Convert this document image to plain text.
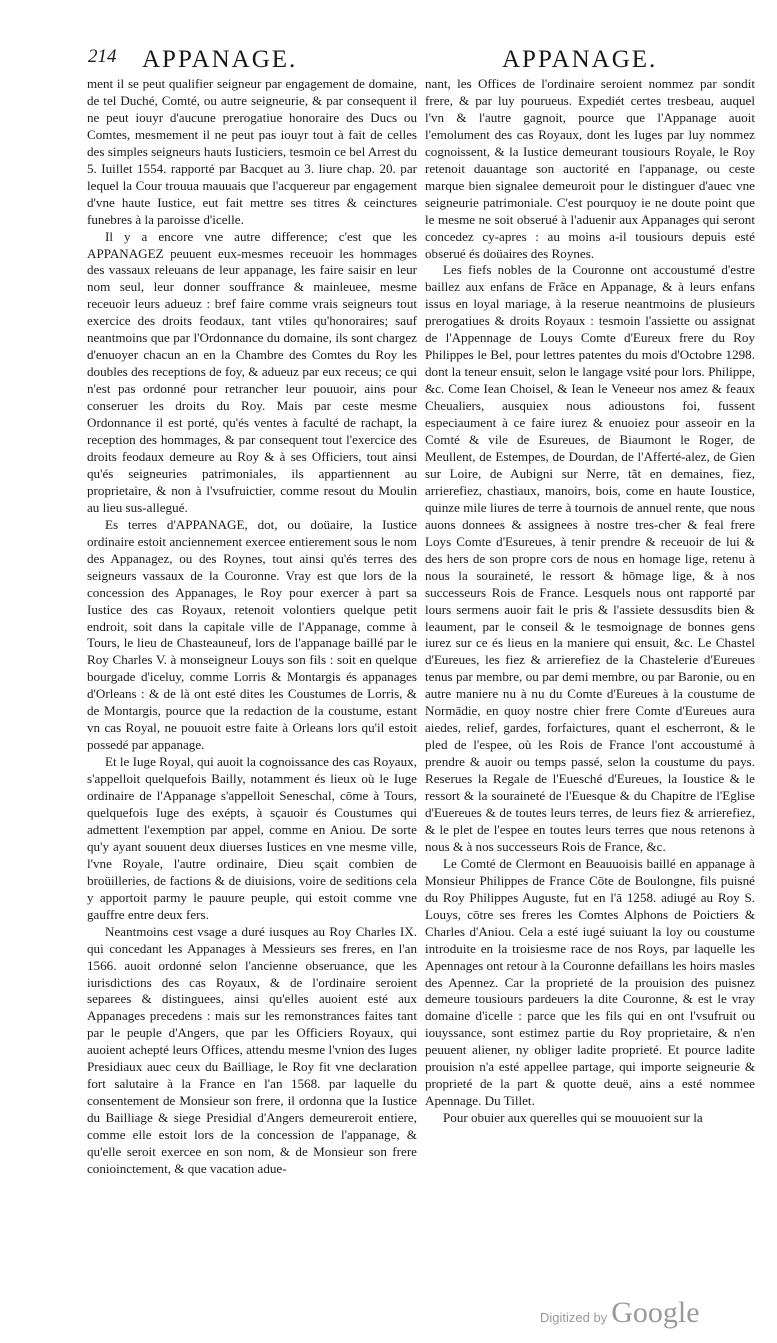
214 APPANAGE.	APPANAGE.

ment il se peut qualifier seigneur par engagement de domaine, de tel Duché, Comté, ou autre seigneurie, & par consequent il ne peut iouyr d'aucune prerogatiue honoraire des Ducs ou Comtes, mesmement il ne peut pas iouyr tout à fait de celles des simples seigneurs hauts Iusticiers, tesmoin ce bel Arrest du 5. Iuillet 1554. rapporté par Bacquet au 3. liure chap. 20. par lequel la Cour trouua mauuais que l'acquereur par engagement d'vne haute Iustice, eut fait mettre ses titres & ceinctures funebres à la paroisse d'icelle.

Il y a encore vne autre difference; c'est que les APPANAGEZ peuuent eux-mesmes receuoir les hommages des vassaux releuans de leur appanage, les faire saisir en leur nom seul, leur donner souffrance & mainleuee, mesme receuoir leurs adueuz : bref faire comme vrais seigneurs tout exercice des droits feodaux, tant vtiles qu'honoraires; sauf neantmoins que par l'Ordonnance du domaine, ils sont chargez d'enuoyer chacun an en la Chambre des Comtes du Roy les doubles des receptions de foy, & adueuz par eux receus; ce qui n'est pas ordonné pour retrancher leur pouuoir, ains pour conseruer les droits du Roy. Mais par ceste mesme Ordonnance il est porté, qu'és ventes à faculté de rachapt, la reception des hommages, & par consequent tout l'exercice des droits feodaux demeure au Roy & à ses Officiers, tout ainsi qu'és seigneuries patrimoniales, ils appartiennent au proprietaire, & non à l'vsufruictier, comme resout du Moulin au lieu sus-allegué.

Es terres d'APPANAGE, dot, ou doüaire, la Iustice ordinaire estoit anciennement exercee entierement sous le nom des Appanagez, ou des Roynes, tout ainsi qu'és terres des seigneurs vassaux de la Couronne. Vray est que lors de la concession des Appanages, le Roy pour exercer à part sa Iustice des cas Royaux, retenoit volontiers quelque petit endroit, soit dans la capitale ville de l'Appanage, comme à Tours, le lieu de Chasteauneuf, lors de l'appanage baillé par le Roy Charles V. à monseigneur Louys son fils : soit en quelque bourgade d'iceluy, comme Lorris & Montargis és appanages d'Orleans : & de là ont esté dites les Coustumes de Lorris, & de Montargis, pource que la redaction de la coustume, estant vn cas Royal, ne pouuoit estre faite à Orleans lors qu'il estoit possedé par appanage.

Et le Iuge Royal, qui auoit la cognoissance des cas Royaux, s'appelloit quelquefois Bailly, notamment és lieux où le Iuge ordinaire de l'Appanage s'appelloit Seneschal, cōme à Tours, quelquefois Iuge des exépts, à sçauoir és Coustumes qui admettent l'exemption par appel, comme en Aniou. De sorte qu'y ayant souuent deux diuerses Iustices en vne mesme ville, l'vne Royale, l'autre ordinaire, Dieu sçait combien de broüilleries, de factions & de diuisions, voire de seditions cela y apportoit parmy le pauure peuple, qui estoit comme vne gauffre entre deux fers.

Neantmoins cest vsage a duré iusques au Roy Charles IX. qui concedant les Appanages à Messieurs ses freres, en l'an 1566. auoit ordonné selon l'ancienne obseruance, que les iurisdictions des cas Royaux, & de l'ordinaire seroient separees & distinguees, ainsi qu'elles auoient esté aux Appanages precedens : mais sur les remonstrances faites tant par le peuple d'Angers, que par les Officiers Royaux, qui auoient achepté leurs Offices, attendu mesme l'vnion des Iuges Presidiaux auec ceux du Bailliage, le Roy fit vne declaration fort salutaire à la France en l'an 1568. par laquelle du consentement de Monsieur son frere, il ordonna que la Iustice du Bailliage & siege Presidial d'Angers demeureroit entiere, comme elle estoit lors de la concession de l'appanage, & qu'elle seroit exercee en son nom, & de Monsieur son frere conioinctement, & que vacation adue-

nant, les Offices de l'ordinaire seroient nommez par sondit frere, & par luy pourueus. Expediét certes tresbeau, auquel l'vn & l'autre gagnoit, pource que l'Appanage auoit l'emolument des cas Royaux, dont les Iuges par luy nommez cognoissent, & la Iustice demeurant tousiours Royale, le Roy retenoit dauantage son auctorité en l'appanage, ou ceste marque bien signalee demeuroit pour le distinguer d'auec vne seigneurie patrimoniale. C'est pourquoy ie ne doute point que le mesme ne soit obserué à l'aduenir aux Appanages qui seront concedez cy-apres : au moins a-il tousiours depuis esté obserué és doüaires des Roynes.

Les fiefs nobles de la Couronne ont accoustumé d'estre baillez aux enfans de Frãce en Appanage, & à leurs enfans issus en loyal mariage, à la reserue neantmoins de plusieurs prerogatiues & droits Royaux : tesmoin l'assiette ou assignat de l'Appennage de Louys Comte d'Eureux frere du Roy Philippes le Bel, pour lettres patentes du mois d'Octobre 1298. dont la teneur ensuit, selon le langage vsité pour lors. Philippe, &c. Come Iean Choisel, & Iean le Veneeur nos amez & feaux Cheualiers, ausquiex nous adioustons foi, fussent especiaument à ce faire iurez & enuoiez pour asseoir en la Comté & vile de Esureues, de Biaumont le Roger, de Meullent, de Estempes, de Dourdan, de l'Afferté-alez, de Gien sur Loire, de Aubigni sur Nerre, tãt en demaines, fiez, arrierefiez, chastiaux, manoirs, bois, come en haute Ioustice, quinze mile liures de terre à tournois de annuel rente, que nous auons donnees & assignees à nostre tres-cher & feal frere Loys Comte d'Esureues, à tenir prendre & receuoir de lui & des hers de son propre cors de nous en homage lige, retenu à nous la souraineté, le ressort & hōmage lige, & à nos successeurs Rois de France. Lesquels nous ont rapporté par lours sermens auoir fait le pris & l'assiete dessusdits bien & leaument, par le conseil & le tesmoignage de bonnes gens iurez sur ce és lieus en la maniere qui ensuit, &c. Le Chastel d'Eureues, les fiez & arrierefiez de la Chastelerie d'Eureues tenus par membre, ou par demi membre, ou par Baronie, ou en autre maniere nu à nu du Comte d'Eureues à la coustume de Normādie, en quoy nostre chier frere Comte d'Eureues aura aiedes, relief, gardes, forfaictures, quant el escherront, & le pled de l'espee, où les Rois de France l'ont accoustumé à prendre & auoir ou temps passé, selon la coustume du pays. Reserues la Regale de l'Euesché d'Eureues, la Ioustice & le ressort & la souraineté de l'Euesque & du Chapitre de l'Eglise d'Euereues & de toutes leurs terres, de leurs fiez & arrierefiez, & le plet de l'espee en toutes leurs terres que nous retenons à nous & à nos successeurs Rois de France, &c.

Le Comté de Clermont en Beauuoisis baillé en appanage à Monsieur Philippes de France Cōte de Boulongne, fils puisné du Roy Philippes Auguste, fut en l'ā 1258. adiugé au Roy S. Louys, cōtre ses freres les Comtes Alphons de Poictiers & Charles d'Aniou. Cela a esté iugé suiuant la loy ou coustume introduite en la troisiesme race de nos Roys, par laquelle les Apennages ont retour à la Couronne defaillans les hoirs masles des Apennez. Car la proprieté de la prouision des puisnez demeure tousiours pardeuers la dite Couronne, & est le vray domaine d'icelle : parce que les fils qui en ont l'vsufruit ou iouyssance, sont estimez partie du Roy proprietaire, & n'en peuuent aliener, ny obliger ladite proprieté. Et pource ladite prouision n'a esté appellee partage, qui importe seigneurie & proprieté de la part & quotte deuë, ains a esté nommee Apennage. Du Tillet.

Pour obuier aux querelles qui se mouuoient sur la

Digitized by Google
